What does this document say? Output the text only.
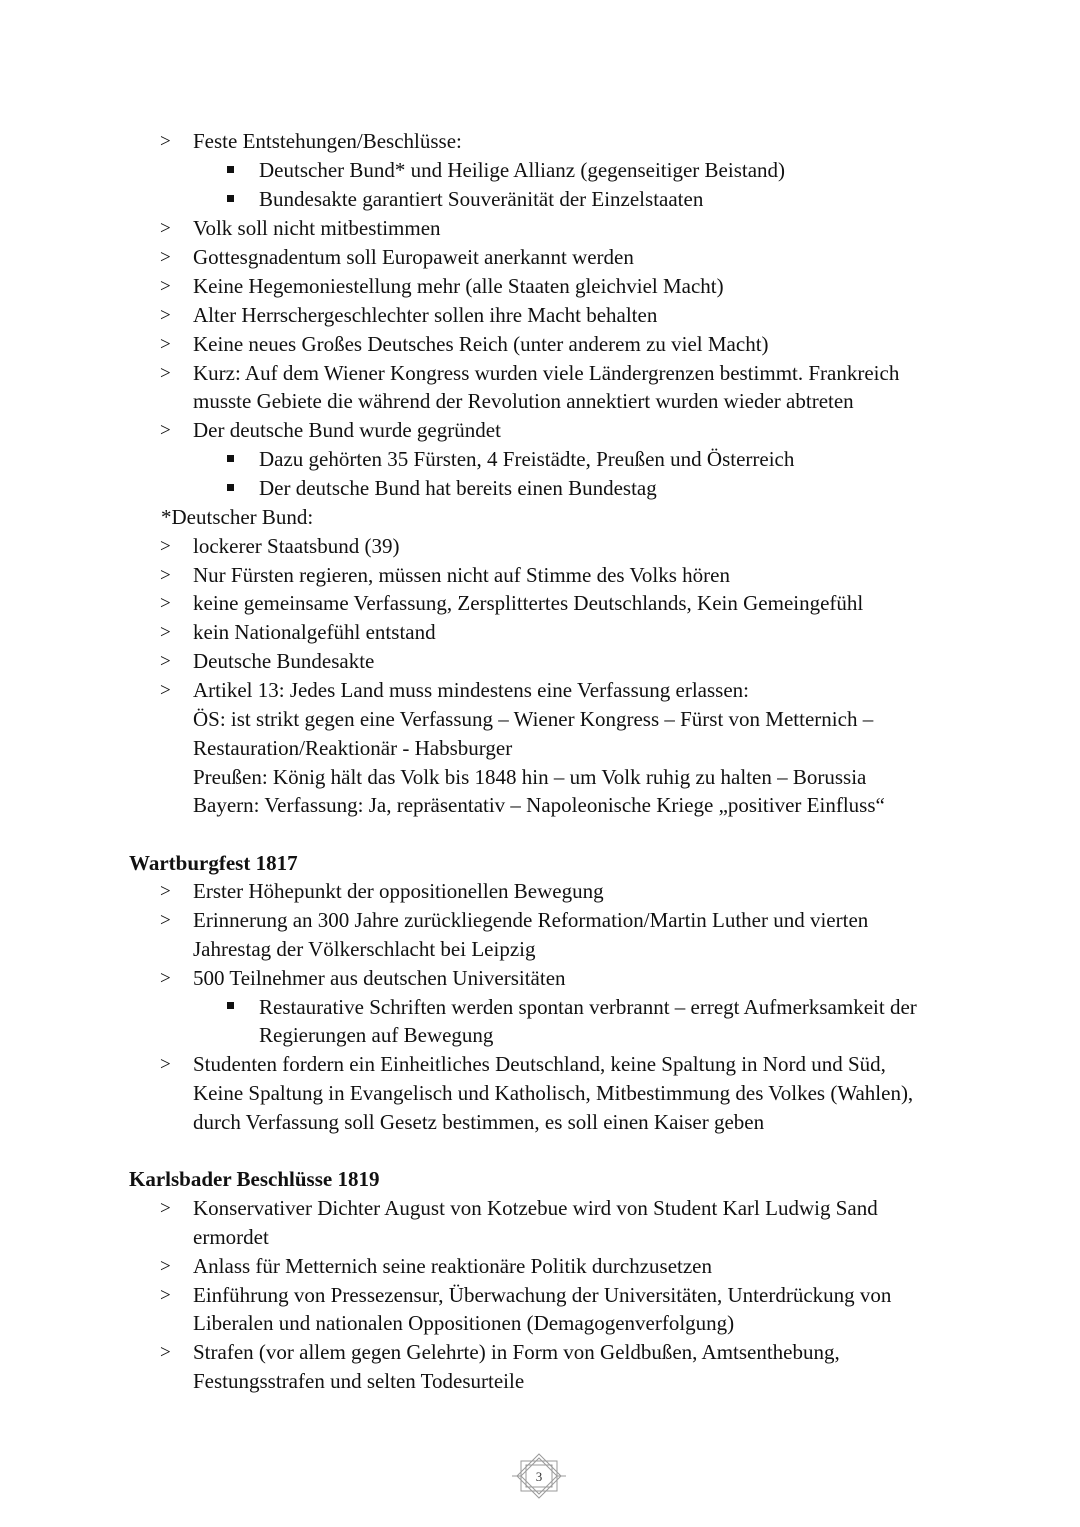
> Feste Entstehungen/Beschlüsse:
Deutscher Bund* und Heilige Allianz (gegenseitiger Beistand)
Bundesakte garantiert Souveränität der Einzelstaaten
> Volk soll nicht mitbestimmen
> Gottesgnadentum soll Europaweit anerkannt werden
> Keine Hegemoniestellung mehr (alle Staaten gleichviel Macht)
> Alter Herrschergeschlechter sollen ihre Macht behalten
> Keine neues Großes Deutsches Reich (unter anderem zu viel Macht)
> Kurz: Auf dem Wiener Kongress wurden viele Ländergrenzen bestimmt. Frankreich
musste Gebiete die während der Revolution annektiert wurden wieder abtreten
> Der deutsche Bund wurde gegründet
Dazu gehörten 35 Fürsten, 4 Freistädte, Preußen und Österreich
Der deutsche Bund hat bereits einen Bundestag
*Deutscher Bund:
> lockerer Staatsbund (39)
> Nur Fürsten regieren, müssen nicht auf Stimme des Volks hören
> keine gemeinsame Verfassung, Zersplittertes Deutschlands, Kein Gemeingefühl
> kein Nationalgefühl entstand
> Deutsche Bundesakte
> Artikel 13: Jedes Land muss mindestens eine Verfassung erlassen:
ÖS: ist strikt gegen eine Verfassung – Wiener Kongress – Fürst von Metternich –
Restauration/Reaktionär - Habsburger
Preußen: König hält das Volk bis 1848 hin – um Volk ruhig zu halten – Borussia
Bayern: Verfassung: Ja, repräsentativ – Napoleonische Kriege „positiver Einfluss“
Wartburgfest 1817
> Erster Höhepunkt der oppositionellen Bewegung
> Erinnerung an 300 Jahre zurückliegende Reformation/Martin Luther und vierten
Jahrestag der Völkerschlacht bei Leipzig
> 500 Teilnehmer aus deutschen Universitäten
Restaurative Schriften werden spontan verbrannt – erregt Aufmerksamkeit der
Regierungen auf Bewegung
> Studenten fordern ein Einheitliches Deutschland, keine Spaltung in Nord und Süd,
Keine Spaltung in Evangelisch und Katholisch, Mitbestimmung des Volkes (Wahlen),
durch Verfassung soll Gesetz bestimmen, es soll einen Kaiser geben
Karlsbader Beschlüsse 1819
> Konservativer Dichter August von Kotzebue wird von Student Karl Ludwig Sand
ermordet
> Anlass für Metternich seine reaktionäre Politik durchzusetzen
> Einführung von Pressezensur, Überwachung der Universitäten, Unterdrückung von
Liberalen und nationalen Oppositionen (Demagogenverfolgung)
> Strafen (vor allem gegen Gelehrte) in Form von Geldbußen, Amtsenthebung,
Festungsstrafen und selten Todesurteile
3
